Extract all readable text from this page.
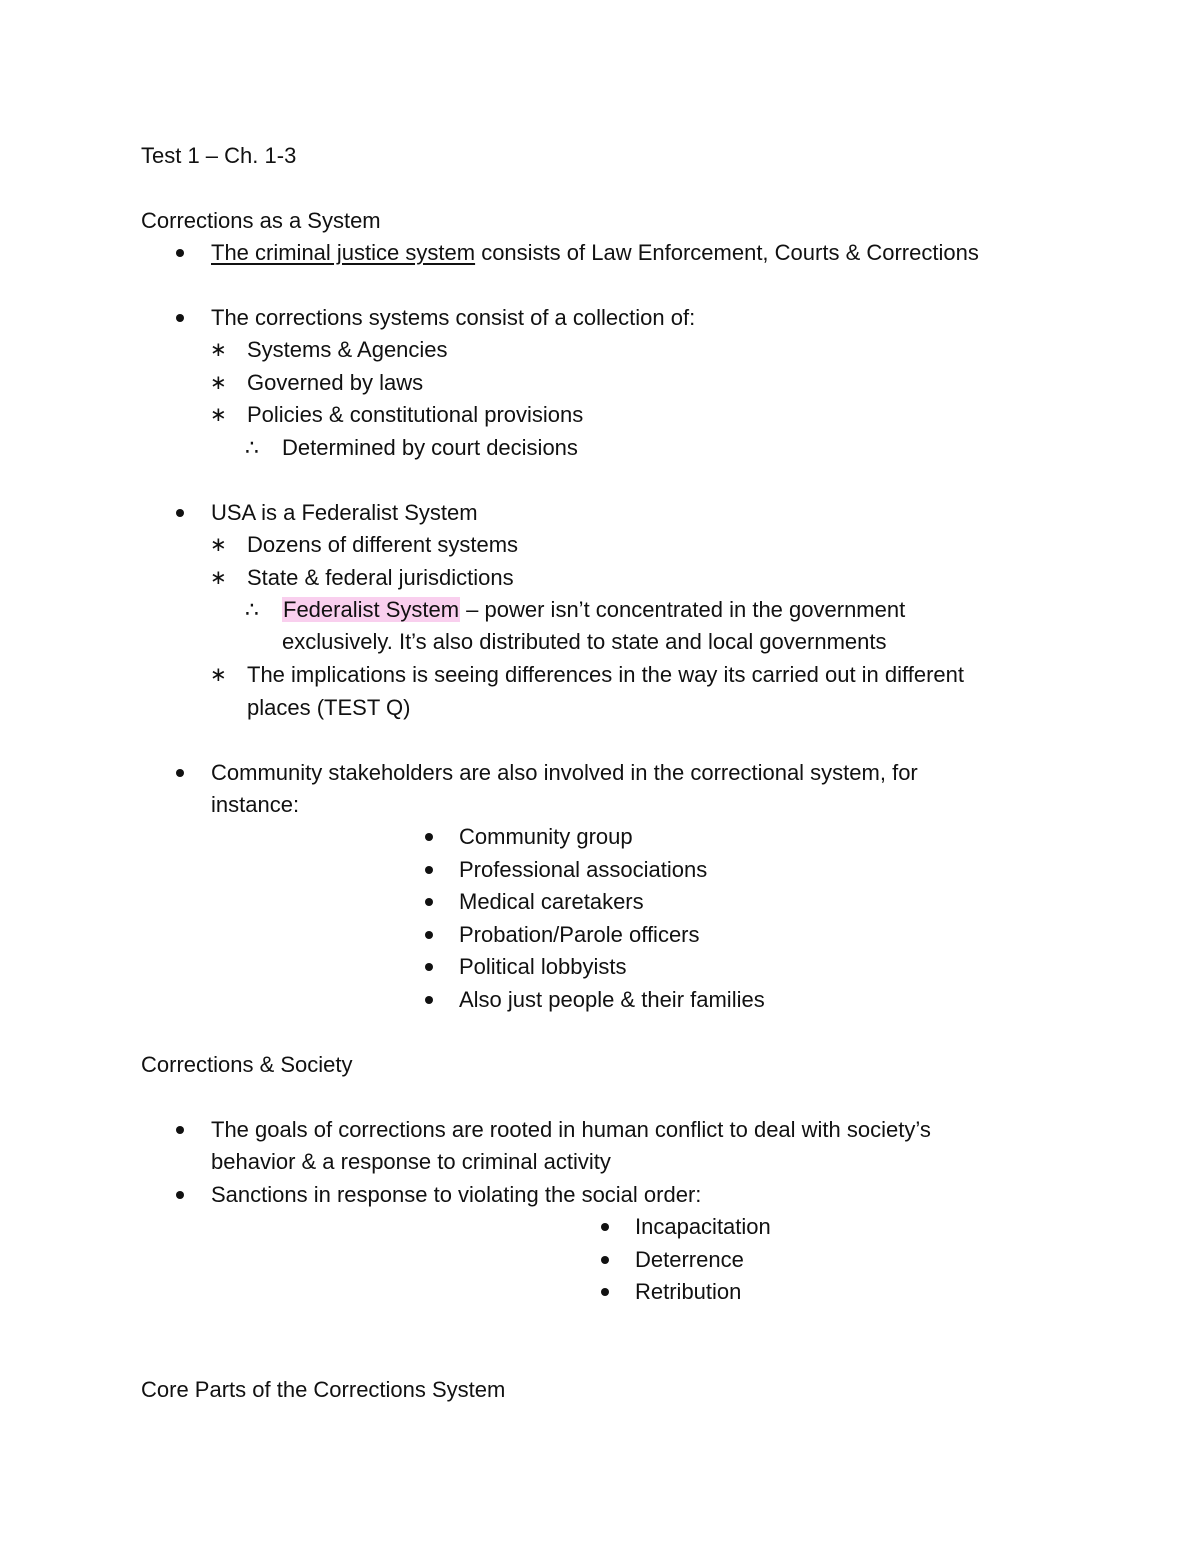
Test 1 – Ch. 1-3
Corrections as a System
The criminal justice system consists of Law Enforcement, Courts & Corrections
The corrections systems consist of a collection of:
∗ Systems & Agencies
∗ Governed by laws
∗ Policies & constitutional provisions
∴ Determined by court decisions
USA is a Federalist System
∗ Dozens of different systems
∗ State & federal jurisdictions
∴ Federalist System – power isn’t concentrated in the government
exclusively. It’s also distributed to state and local governments
∗ The implications is seeing differences in the way its carried out in different
places (TEST Q)
Community stakeholders are also involved in the correctional system, for
instance:
Community group
Professional associations
Medical caretakers
Probation/Parole officers
Political lobbyists
Also just people & their families
Corrections & Society
The goals of corrections are rooted in human conflict to deal with society’s
behavior & a response to criminal activity
Sanctions in response to violating the social order:
Incapacitation
Deterrence
Retribution
Core Parts of the Corrections System
